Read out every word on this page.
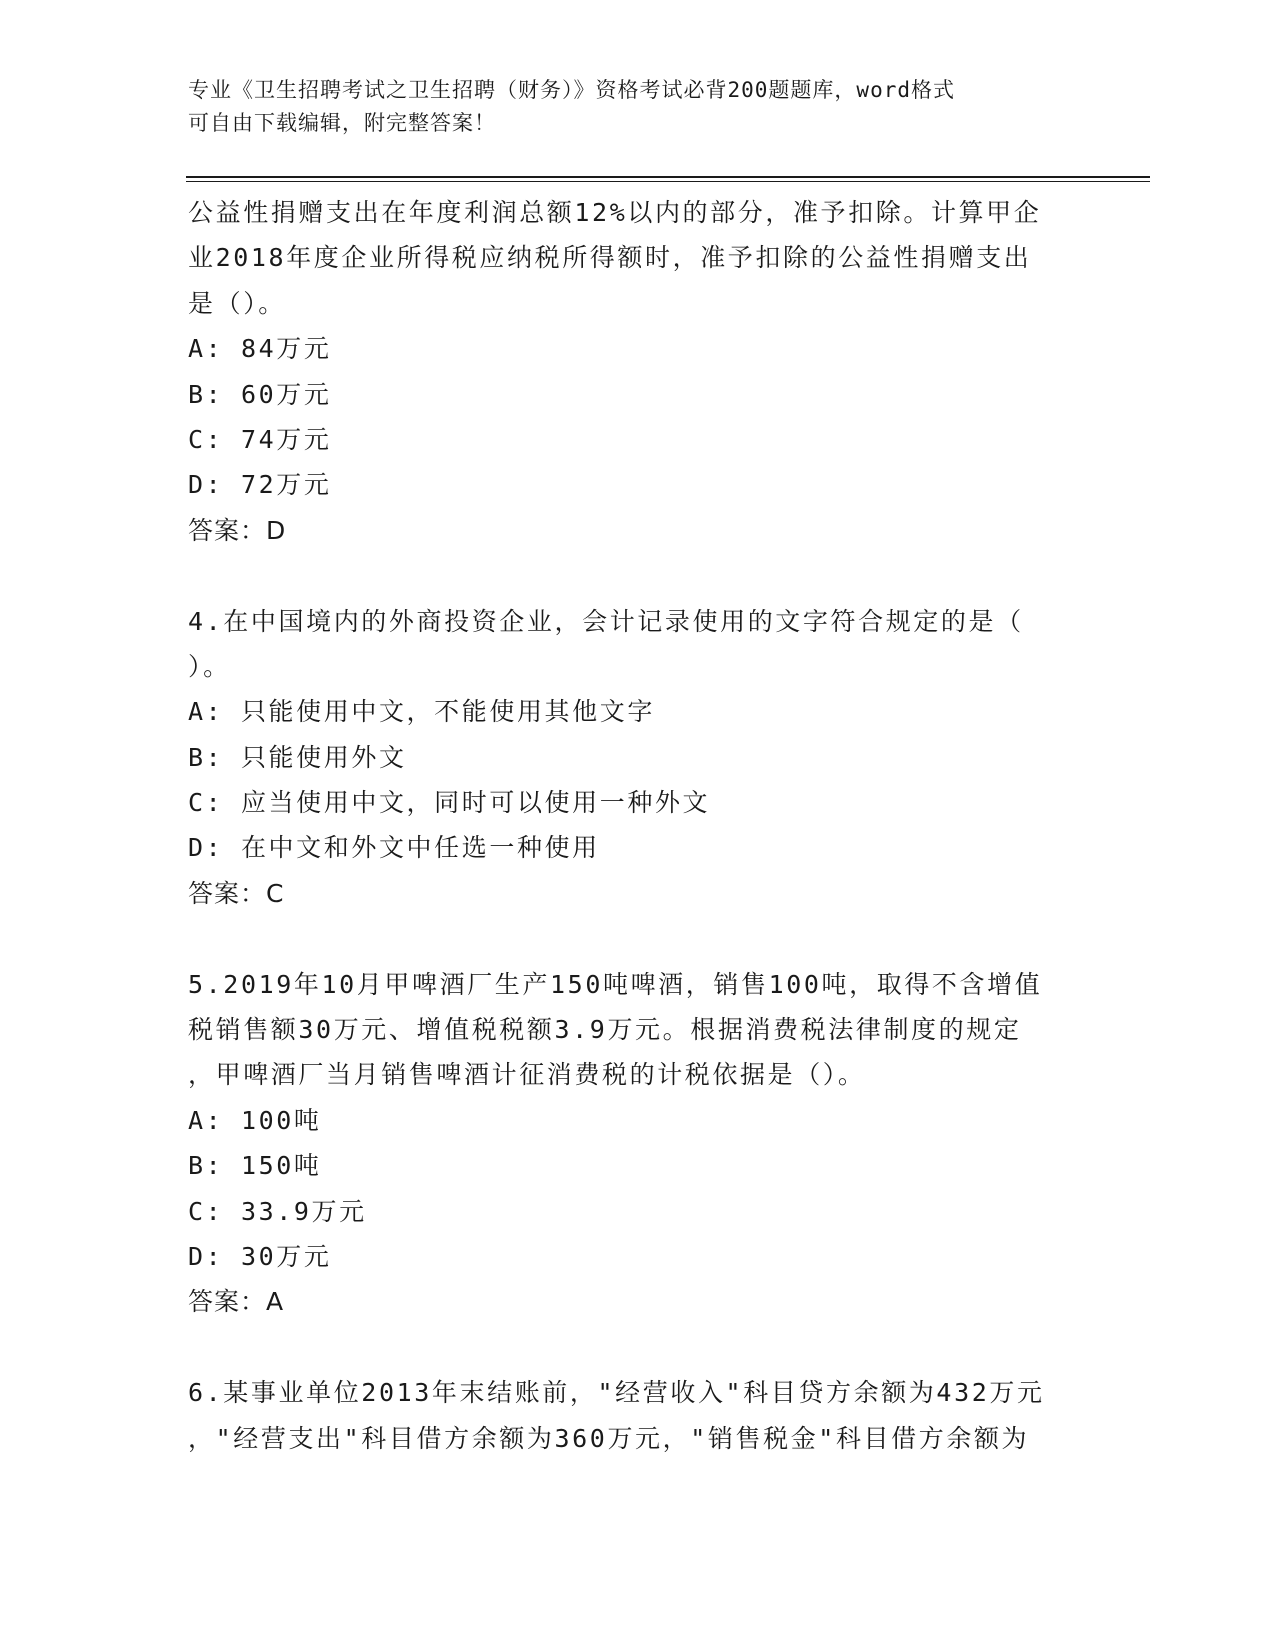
专业《卫生招聘考试之卫生招聘（财务）》资格考试必背200题题库，word格式
可自由下载编辑，附完整答案！
公益性捐赠支出在年度利润总额12%以内的部分，准予扣除。计算甲企
业2018年度企业所得税应纳税所得额时，准予扣除的公益性捐赠支出
是（）。
A: 84万元
B: 60万元
C: 74万元
D: 72万元
答案：D
4.在中国境内的外商投资企业，会计记录使用的文字符合规定的是（
）。
A: 只能使用中文，不能使用其他文字
B: 只能使用外文
C: 应当使用中文，同时可以使用一种外文
D: 在中文和外文中任选一种使用
答案：C
5.2019年10月甲啤酒厂生产150吨啤酒，销售100吨，取得不含增值
税销售额30万元、增值税税额3.9万元。根据消费税法律制度的规定
，甲啤酒厂当月销售啤酒计征消费税的计税依据是（）。
A: 100吨
B: 150吨
C: 33.9万元
D: 30万元
答案：A
6.某事业单位2013年末结账前，"经营收入"科目贷方余额为432万元
，"经营支出"科目借方余额为360万元，"销售税金"科目借方余额为
